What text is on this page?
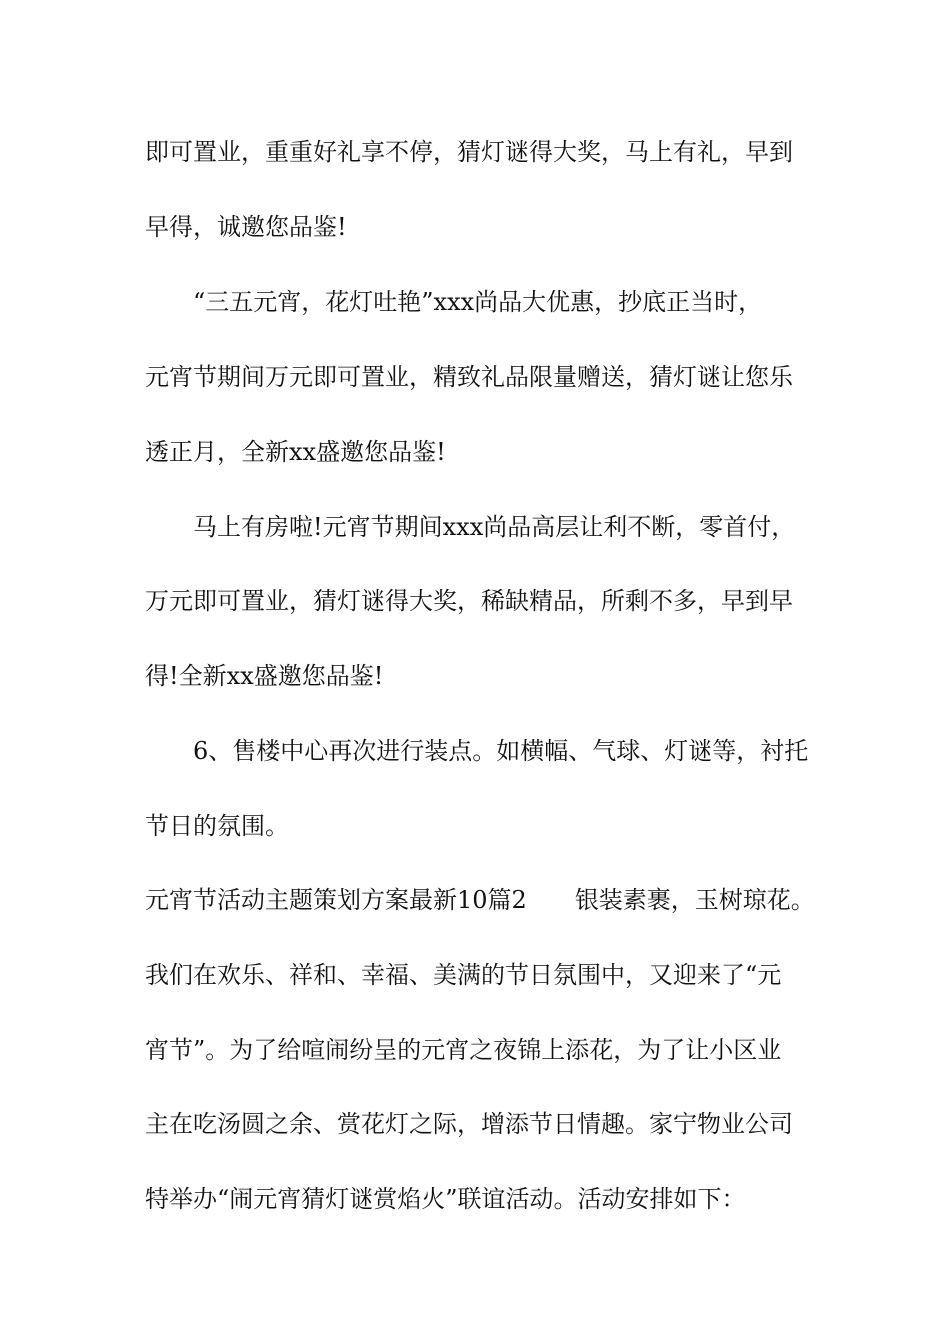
即可置业，重重好礼享不停，猜灯谜得大奖，马上有礼，早到
早得，诚邀您品鉴!
“三五元宵，花灯吐艳”xxx尚品大优惠，抄底正当时，
元宵节期间万元即可置业，精致礼品限量赠送，猜灯谜让您乐
透正月，全新xx盛邀您品鉴!
马上有房啦!元宵节期间xxx尚品高层让利不断，零首付，
万元即可置业，猜灯谜得大奖，稀缺精品，所剩不多，早到早
得!全新xx盛邀您品鉴!
6、售楼中心再次进行装点。如横幅、气球、灯谜等，衬托
节日的氛围。
元宵节活动主题策划方案最新10篇2 银装素裹，玉树琼花。
我们在欢乐、祥和、幸福、美满的节日氛围中，又迎来了“元
宵节”。为了给喧闹纷呈的元宵之夜锦上添花，为了让小区业
主在吃汤圆之余、赏花灯之际，增添节日情趣。家宁物业公司
特举办“闹元宵猜灯谜赏焰火”联谊活动。活动安排如下：
